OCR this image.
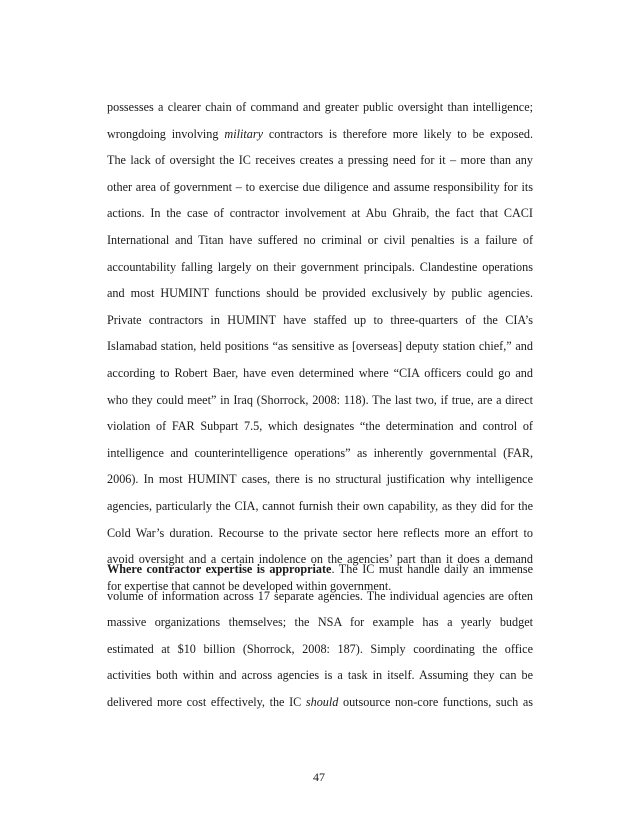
possesses a clearer chain of command and greater public oversight than intelligence;
wrongdoing involving military contractors is therefore more likely to be exposed.
The lack of oversight the IC receives creates a pressing need for it – more than any
other area of government – to exercise due diligence and assume responsibility for its
actions. In the case of contractor involvement at Abu Ghraib, the fact that CACI
International and Titan have suffered no criminal or civil penalties is a failure of
accountability falling largely on their government principals. Clandestine operations
and most HUMINT functions should be provided exclusively by public agencies.
Private contractors in HUMINT have staffed up to three-quarters of the CIA’s
Islamabad station, held positions “as sensitive as [overseas] deputy station chief,” and
according to Robert Baer, have even determined where “CIA officers could go and
who they could meet” in Iraq (Shorrock, 2008: 118). The last two, if true, are a direct
violation of FAR Subpart 7.5, which designates “the determination and control of
intelligence and counterintelligence operations” as inherently governmental (FAR,
2006). In most HUMINT cases, there is no structural justification why intelligence
agencies, particularly the CIA, cannot furnish their own capability, as they did for the
Cold War’s duration. Recourse to the private sector here reflects more an effort to
avoid oversight and a certain indolence on the agencies’ part than it does a demand
for expertise that cannot be developed within government.
Where contractor expertise is appropriate. The IC must handle daily an immense
volume of information across 17 separate agencies. The individual agencies are often
massive organizations themselves; the NSA for example has a yearly budget
estimated at $10 billion (Shorrock, 2008: 187). Simply coordinating the office
activities both within and across agencies is a task in itself. Assuming they can be
delivered more cost effectively, the IC should outsource non-core functions, such as
47
